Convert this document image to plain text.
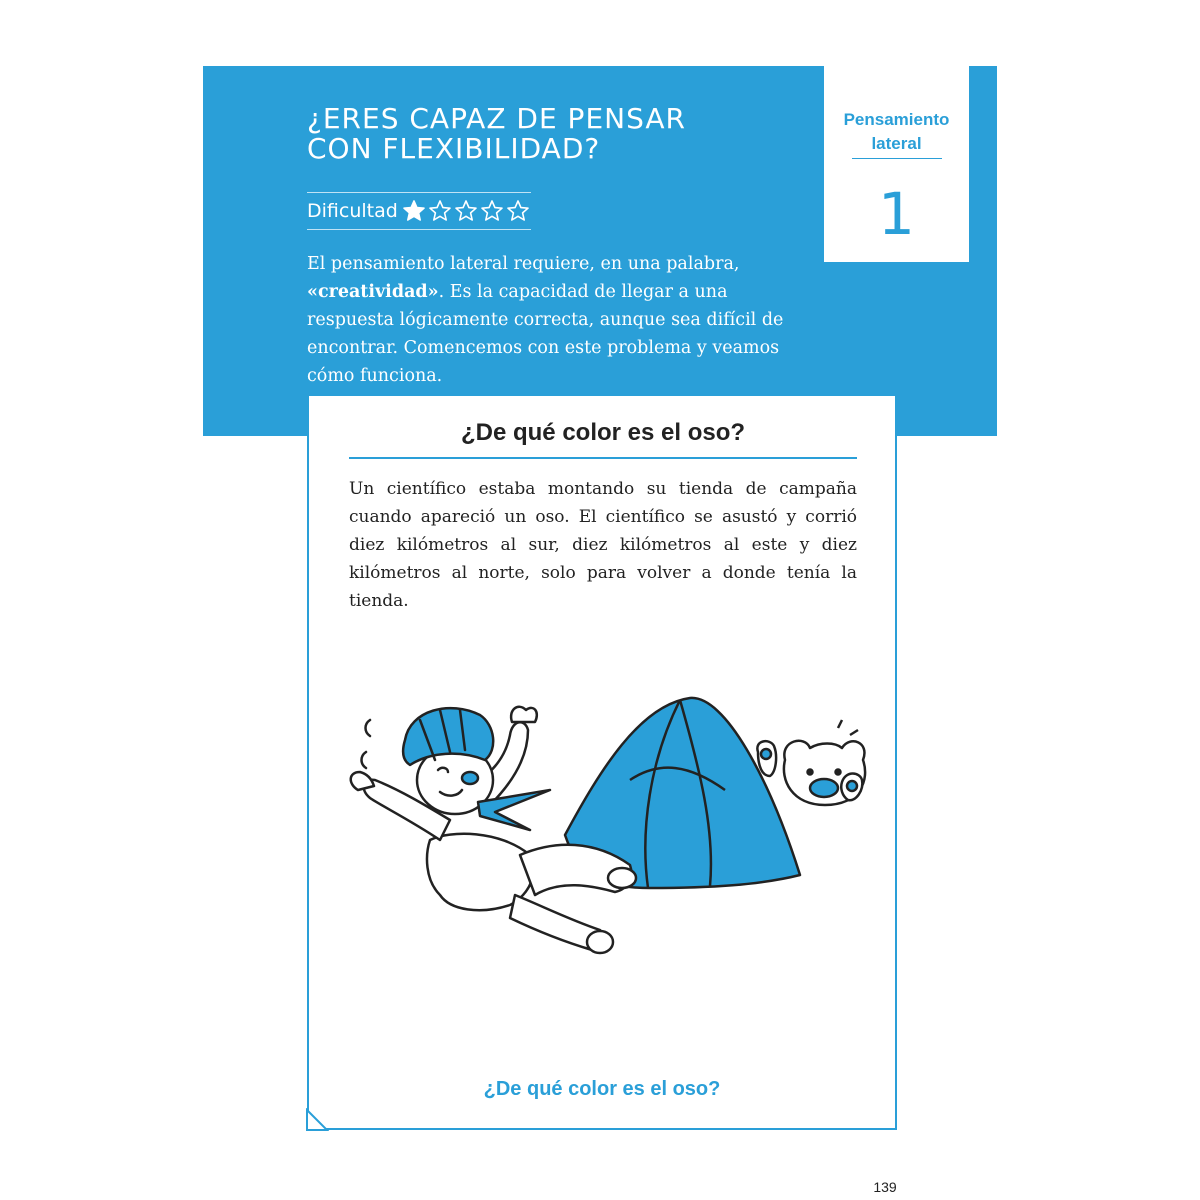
¿ERES CAPAZ DE PENSAR
CON FLEXIBILIDAD?
Dificultad

El pensamiento lateral requiere, en una palabra,
«creatividad». Es la capacidad de llegar a una respuesta lógicamente correcta, aunque sea difícil de encontrar. Comencemos con este problema y veamos cómo funciona.

Pensamiento
lateral
1
¿De qué color es el oso?

Un científico estaba montando su tienda de campaña cuando apareció un oso. El científico se asustó y corrió diez kilómetros al sur, diez kilómetros al este y diez kilómetros al norte, solo para volver a donde tenía la tienda.

¿De qué color es el oso?
139
